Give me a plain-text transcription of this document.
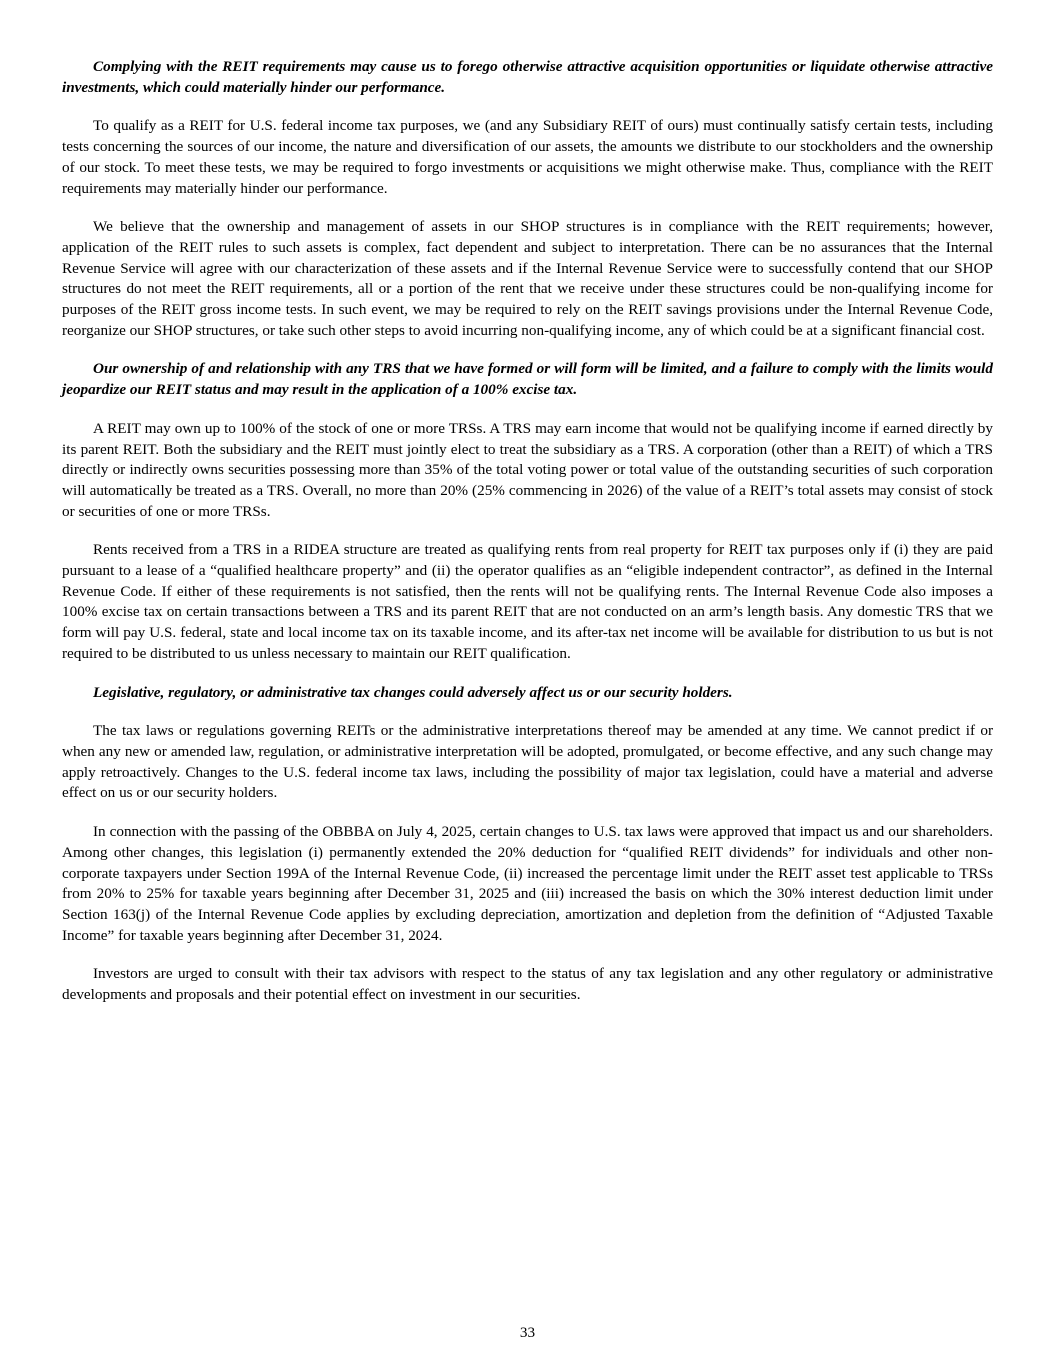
Complying with the REIT requirements may cause us to forego otherwise attractive acquisition opportunities or liquidate otherwise attractive investments, which could materially hinder our performance.

To qualify as a REIT for U.S. federal income tax purposes, we (and any Subsidiary REIT of ours) must continually satisfy certain tests, including tests concerning the sources of our income, the nature and diversification of our assets, the amounts we distribute to our stockholders and the ownership of our stock. To meet these tests, we may be required to forgo investments or acquisitions we might otherwise make. Thus, compliance with the REIT requirements may materially hinder our performance.

We believe that the ownership and management of assets in our SHOP structures is in compliance with the REIT requirements; however, application of the REIT rules to such assets is complex, fact dependent and subject to interpretation. There can be no assurances that the Internal Revenue Service will agree with our characterization of these assets and if the Internal Revenue Service were to successfully contend that our SHOP structures do not meet the REIT requirements, all or a portion of the rent that we receive under these structures could be non-qualifying income for purposes of the REIT gross income tests. In such event, we may be required to rely on the REIT savings provisions under the Internal Revenue Code, reorganize our SHOP structures, or take such other steps to avoid incurring non-qualifying income, any of which could be at a significant financial cost.

Our ownership of and relationship with any TRS that we have formed or will form will be limited, and a failure to comply with the limits would jeopardize our REIT status and may result in the application of a 100% excise tax.

A REIT may own up to 100% of the stock of one or more TRSs. A TRS may earn income that would not be qualifying income if earned directly by its parent REIT. Both the subsidiary and the REIT must jointly elect to treat the subsidiary as a TRS. A corporation (other than a REIT) of which a TRS directly or indirectly owns securities possessing more than 35% of the total voting power or total value of the outstanding securities of such corporation will automatically be treated as a TRS. Overall, no more than 20% (25% commencing in 2026) of the value of a REIT’s total assets may consist of stock or securities of one or more TRSs.

Rents received from a TRS in a RIDEA structure are treated as qualifying rents from real property for REIT tax purposes only if (i) they are paid pursuant to a lease of a “qualified healthcare property” and (ii) the operator qualifies as an “eligible independent contractor”, as defined in the Internal Revenue Code. If either of these requirements is not satisfied, then the rents will not be qualifying rents. The Internal Revenue Code also imposes a 100% excise tax on certain transactions between a TRS and its parent REIT that are not conducted on an arm’s length basis. Any domestic TRS that we form will pay U.S. federal, state and local income tax on its taxable income, and its after-tax net income will be available for distribution to us but is not required to be distributed to us unless necessary to maintain our REIT qualification.

Legislative, regulatory, or administrative tax changes could adversely affect us or our security holders.

The tax laws or regulations governing REITs or the administrative interpretations thereof may be amended at any time. We cannot predict if or when any new or amended law, regulation, or administrative interpretation will be adopted, promulgated, or become effective, and any such change may apply retroactively. Changes to the U.S. federal income tax laws, including the possibility of major tax legislation, could have a material and adverse effect on us or our security holders.

In connection with the passing of the OBBBA on July 4, 2025, certain changes to U.S. tax laws were approved that impact us and our shareholders. Among other changes, this legislation (i) permanently extended the 20% deduction for “qualified REIT dividends” for individuals and other non-corporate taxpayers under Section 199A of the Internal Revenue Code, (ii) increased the percentage limit under the REIT asset test applicable to TRSs from 20% to 25% for taxable years beginning after December 31, 2025 and (iii) increased the basis on which the 30% interest deduction limit under Section 163(j) of the Internal Revenue Code applies by excluding depreciation, amortization and depletion from the definition of “Adjusted Taxable Income” for taxable years beginning after December 31, 2024.

Investors are urged to consult with their tax advisors with respect to the status of any tax legislation and any other regulatory or administrative developments and proposals and their potential effect on investment in our securities.

33
